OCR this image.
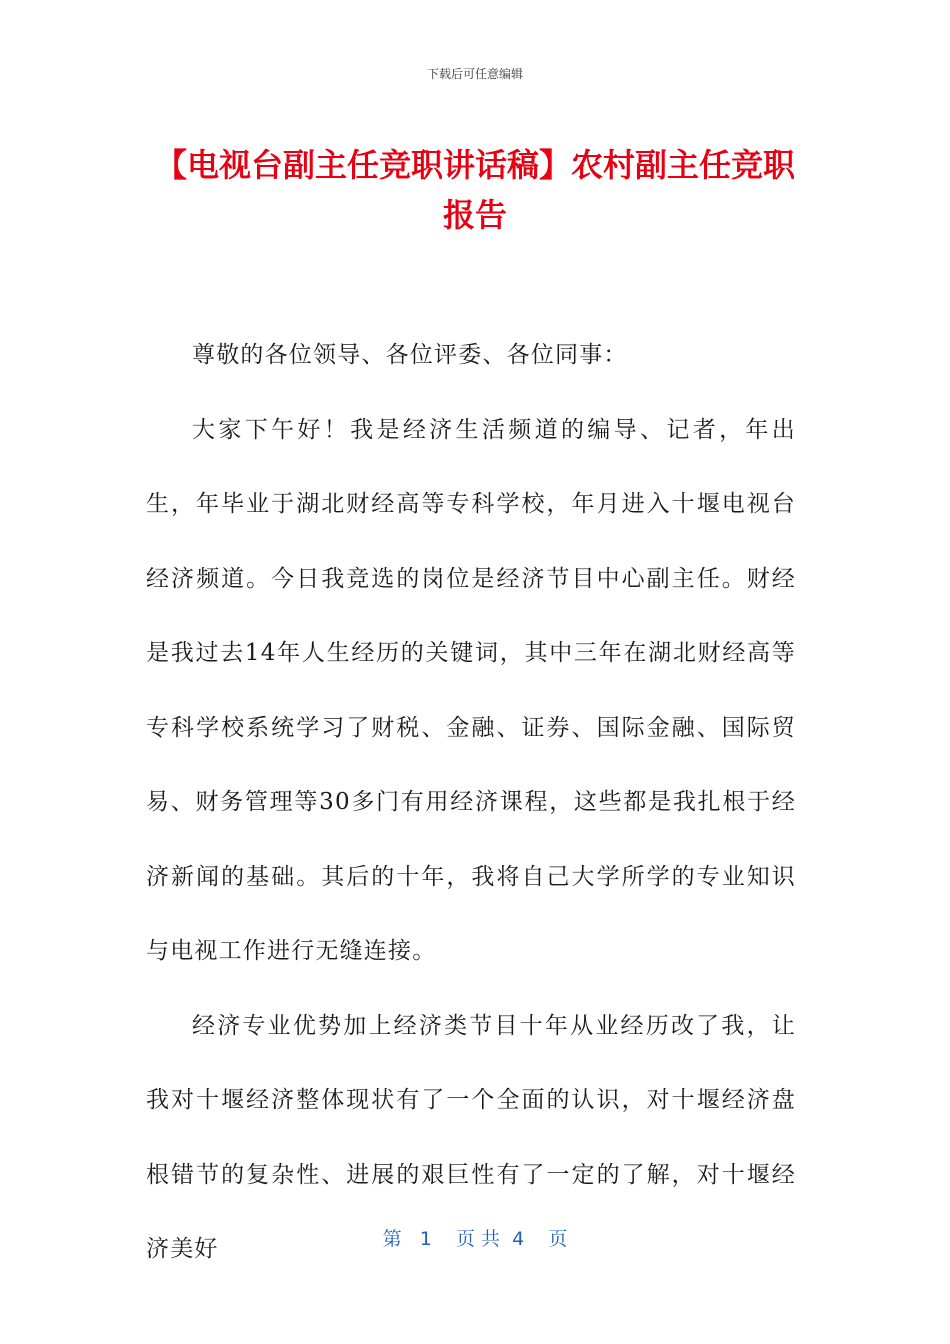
下载后可任意编辑
【电视台副主任竞职讲话稿】农村副主任竞职报告

尊敬的各位领导、各位评委、各位同事：

大家下午好！我是经济生活频道的编导、记者，年出生，年毕业于湖北财经高等专科学校，年月进入十堰电视台经济频道。今日我竞选的岗位是经济节目中心副主任。财经是我过去14年人生经历的关键词，其中三年在湖北财经高等专科学校系统学习了财税、金融、证券、国际金融、国际贸易、财务管理等30多门有用经济课程，这些都是我扎根于经济新闻的基础。其后的十年，我将自己大学所学的专业知识与电视工作进行无缝连接。

经济专业优势加上经济类节目十年从业经历改了我，让我对十堰经济整体现状有了一个全面的认识，对十堰经济盘根错节的复杂性、进展的艰巨性有了一定的了解，对十堰经济美好	第   1    页 共  4    页
